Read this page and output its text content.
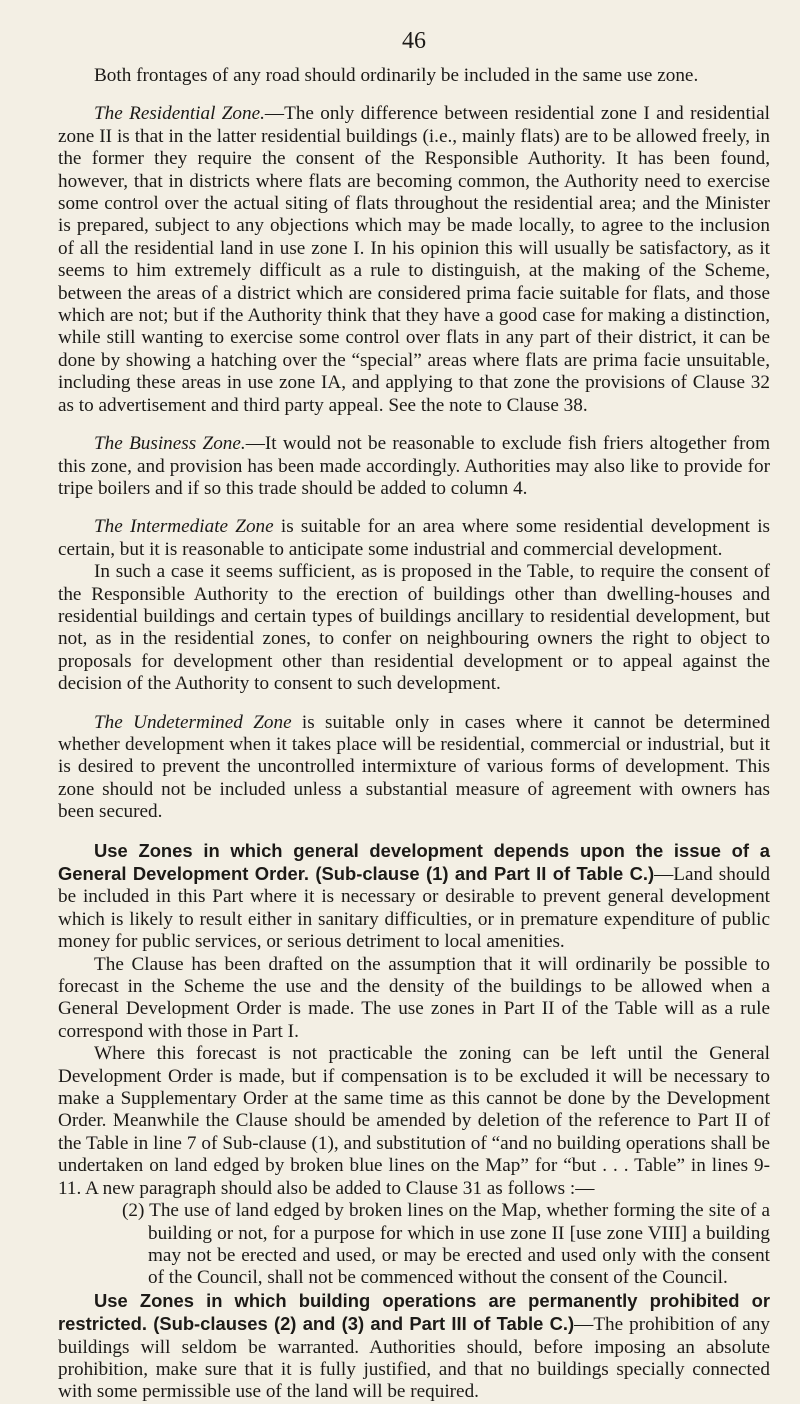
46

Both frontages of any road should ordinarily be included in the same use zone.

The Residential Zone.—The only difference between residential zone I and residential zone II is that in the latter residential buildings (i.e., mainly flats) are to be allowed freely, in the former they require the consent of the Responsible Authority. It has been found, however, that in districts where flats are becoming common, the Authority need to exercise some control over the actual siting of flats throughout the residential area; and the Minister is prepared, subject to any objections which may be made locally, to agree to the inclusion of all the residential land in use zone I. In his opinion this will usually be satisfactory, as it seems to him extremely difficult as a rule to distinguish, at the making of the Scheme, between the areas of a district which are considered prima facie suitable for flats, and those which are not; but if the Authority think that they have a good case for making a distinction, while still wanting to exercise some control over flats in any part of their district, it can be done by showing a hatching over the “special” areas where flats are prima facie unsuitable, including these areas in use zone IA, and applying to that zone the provisions of Clause 32 as to advertisement and third party appeal. See the note to Clause 38.

The Business Zone.—It would not be reasonable to exclude fish friers altogether from this zone, and provision has been made accordingly. Authorities may also like to provide for tripe boilers and if so this trade should be added to column 4.

The Intermediate Zone is suitable for an area where some residential development is certain, but it is reasonable to anticipate some industrial and commercial development.

In such a case it seems sufficient, as is proposed in the Table, to require the consent of the Responsible Authority to the erection of buildings other than dwelling-houses and residential buildings and certain types of buildings ancillary to residential development, but not, as in the residential zones, to confer on neighbouring owners the right to object to proposals for development other than residential development or to appeal against the decision of the Authority to consent to such development.

The Undetermined Zone is suitable only in cases where it cannot be determined whether development when it takes place will be residential, commercial or industrial, but it is desired to prevent the uncontrolled intermixture of various forms of development. This zone should not be included unless a substantial measure of agreement with owners has been secured.

Use Zones in which general development depends upon the issue of a General Development Order. (Sub-clause (1) and Part II of Table C.)—Land should be included in this Part where it is necessary or desirable to prevent general development which is likely to result either in sanitary difficulties, or in premature expenditure of public money for public services, or serious detriment to local amenities.

The Clause has been drafted on the assumption that it will ordinarily be possible to forecast in the Scheme the use and the density of the buildings to be allowed when a General Development Order is made. The use zones in Part II of the Table will as a rule correspond with those in Part I.

Where this forecast is not practicable the zoning can be left until the General Development Order is made, but if compensation is to be excluded it will be necessary to make a Supplementary Order at the same time as this cannot be done by the Development Order. Meanwhile the Clause should be amended by deletion of the reference to Part II of the Table in line 7 of Sub-clause (1), and substitution of “and no building operations shall be undertaken on land edged by broken blue lines on the Map” for “but . . . Table” in lines 9-11. A new paragraph should also be added to Clause 31 as follows :—

(2) The use of land edged by broken lines on the Map, whether forming the site of a building or not, for a purpose for which in use zone II [use zone VIII] a building may not be erected and used, or may be erected and used only with the consent of the Council, shall not be commenced without the consent of the Council.

Use Zones in which building operations are permanently prohibited or restricted. (Sub-clauses (2) and (3) and Part III of Table C.)—The prohibition of any buildings will seldom be warranted. Authorities should, before imposing an absolute prohibition, make sure that it is fully justified, and that no buildings specially connected with some permissible use of the land will be required.
